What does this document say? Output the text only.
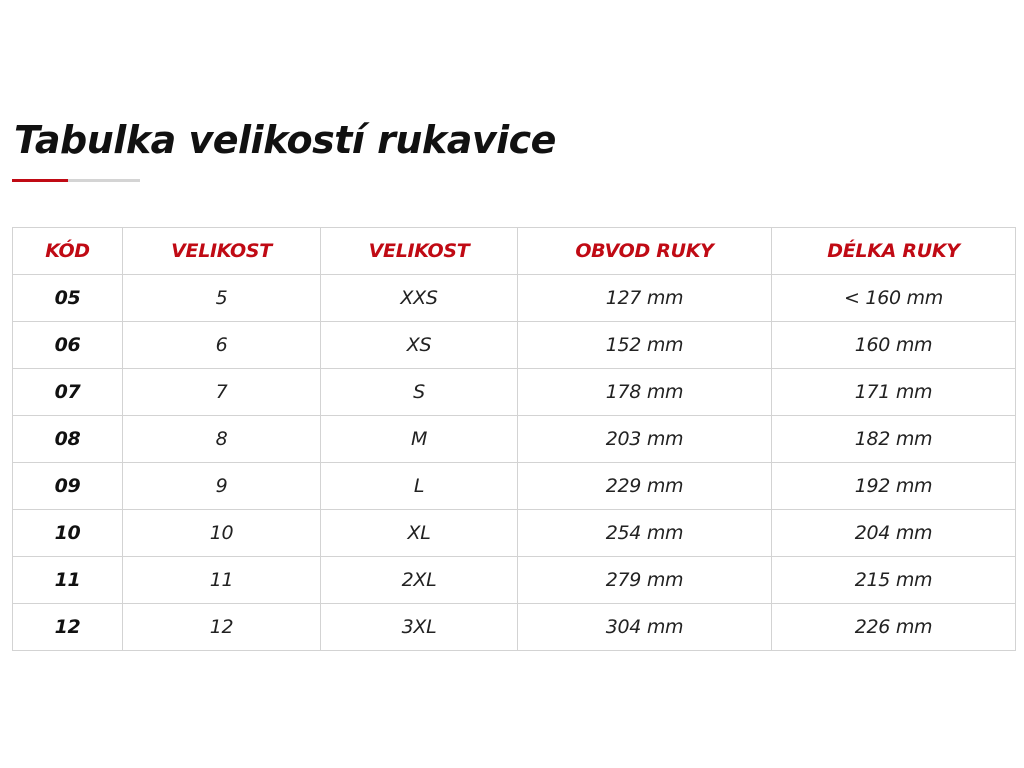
Tabulka velikostí rukavice
KÓD	VELIKOST	VELIKOST	OBVOD RUKY	DÉLKA RUKY
05	5	XXS	127 mm	< 160 mm
06	6	XS	152 mm	160 mm
07	7	S	178 mm	171 mm
08	8	M	203 mm	182 mm
09	9	L	229 mm	192 mm
10	10	XL	254 mm	204 mm
11	11	2XL	279 mm	215 mm
12	12	3XL	304 mm	226 mm
